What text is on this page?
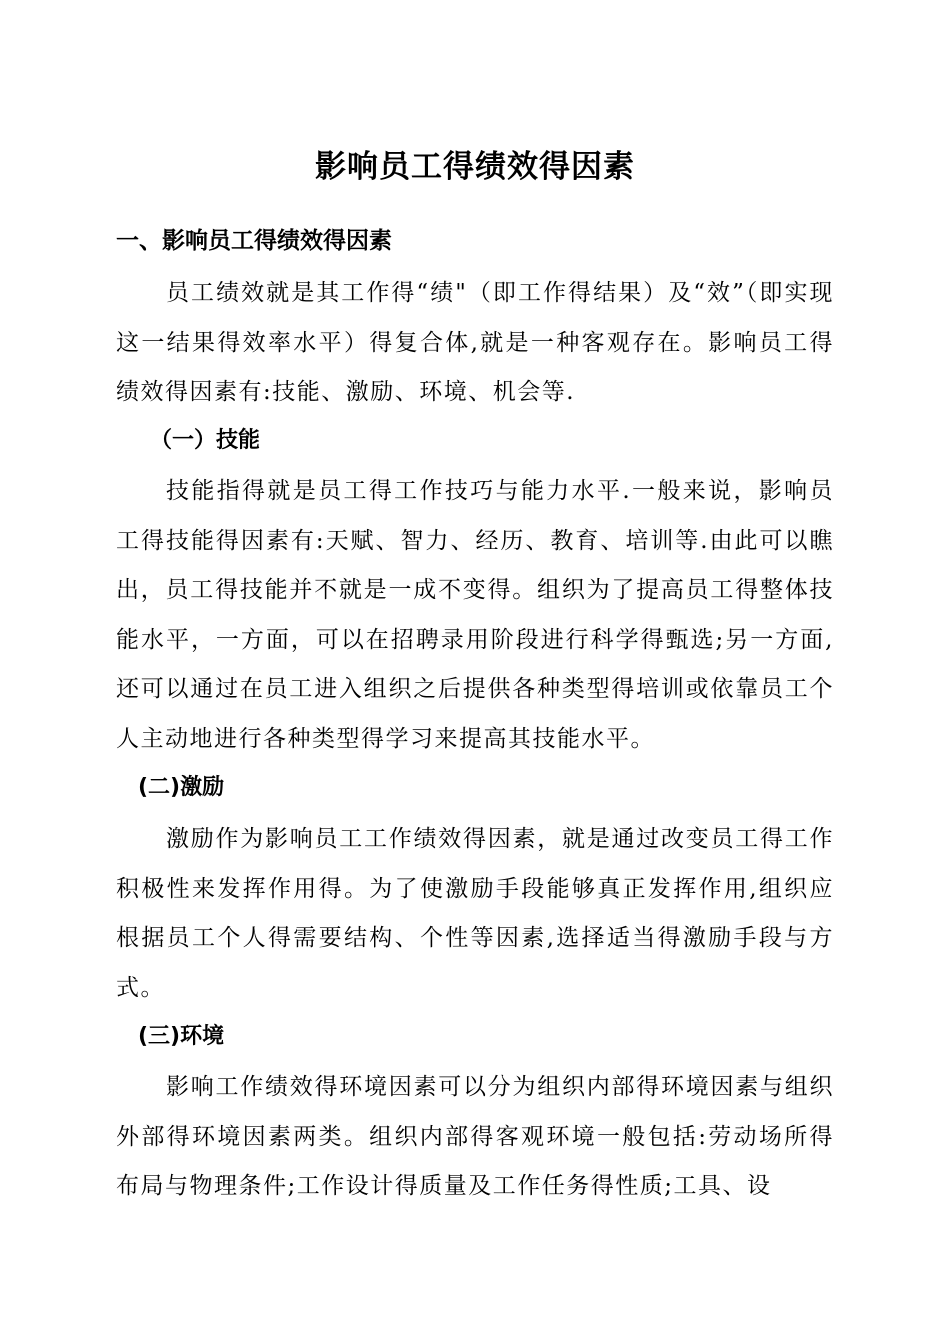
影响员工得绩效得因素
一、影响员工得绩效得因素

员工绩效就是其工作得“绩"（即工作得结果）及“效”（即实现这一结果得效率水平）得复合体,就是一种客观存在。影响员工得绩效得因素有:技能、激励、环境、机会等.

（一）技能

技能指得就是员工得工作技巧与能力水平.一般来说，影响员工得技能得因素有:天赋、智力、经历、教育、培训等.由此可以瞧出，员工得技能并不就是一成不变得。组织为了提高员工得整体技能水平，一方面，可以在招聘录用阶段进行科学得甄选;另一方面,还可以通过在员工进入组织之后提供各种类型得培训或依靠员工个人主动地进行各种类型得学习来提高其技能水平。

(二)激励

激励作为影响员工工作绩效得因素，就是通过改变员工得工作积极性来发挥作用得。为了使激励手段能够真正发挥作用,组织应根据员工个人得需要结构、个性等因素,选择适当得激励手段与方式。

(三)环境

影响工作绩效得环境因素可以分为组织内部得环境因素与组织外部得环境因素两类。组织内部得客观环境一般包括:劳动场所得布局与物理条件;工作设计得质量及工作任务得性质;工具、设
